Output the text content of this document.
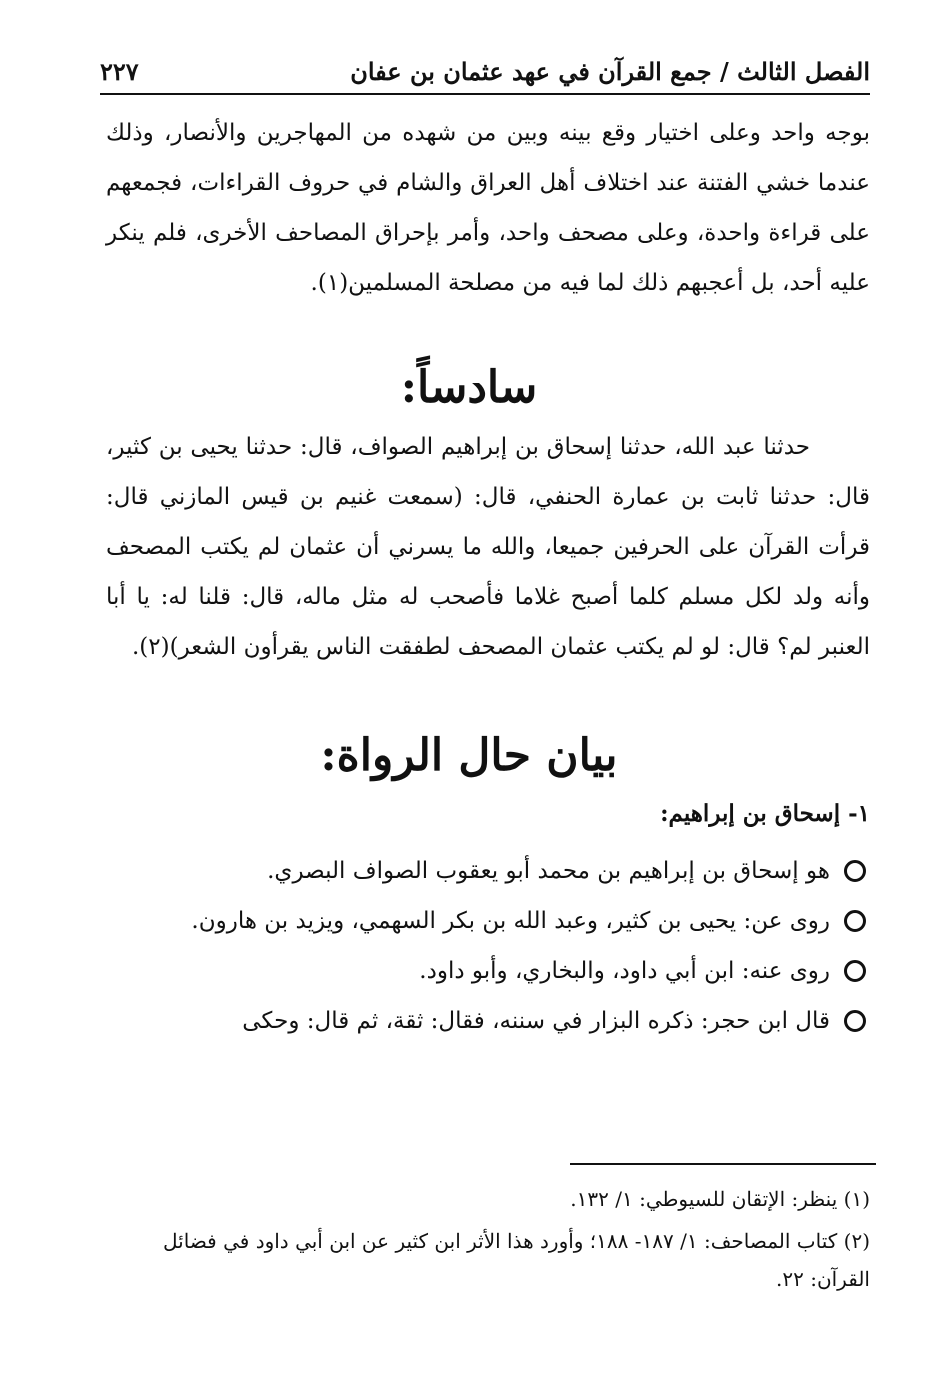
الفصل الثالث / جمع القرآن في عهد عثمان بن عفان
٢٢٧

بوجه واحد وعلى اختيار وقع بينه وبين من شهده من المهاجرين والأنصار، وذلك عندما خشي الفتنة عند اختلاف أهل العراق والشام في حروف القراءات، فجمعهم على قراءة واحدة، وعلى مصحف واحد، وأمر بإحراق المصاحف الأخرى، فلم ينكر عليه أحد، بل أعجبهم ذلك لما فيه من مصلحة المسلمين(١).

سادساً:

حدثنا عبد الله، حدثنا إسحاق بن إبراهيم الصواف، قال: حدثنا يحيى بن كثير، قال: حدثنا ثابت بن عمارة الحنفي، قال: (سمعت غنيم بن قيس المازني قال: قرأت القرآن على الحرفين جميعا، والله ما يسرني أن عثمان لم يكتب المصحف وأنه ولد لكل مسلم كلما أصبح غلاما فأصحب له مثل ماله، قال: قلنا له: يا أبا العنبر لم؟ قال: لو لم يكتب عثمان المصحف لطفقت الناس يقرأون الشعر)(٢).

بيان حال الرواة:
١- إسحاق بن إبراهيم:
هو إسحاق بن إبراهيم بن محمد أبو يعقوب الصواف البصري.
روى عن: يحيى بن كثير، وعبد الله بن بكر السهمي، ويزيد بن هارون.
روى عنه: ابن أبي داود، والبخاري، وأبو داود.
قال ابن حجر: ذكره البزار في سننه، فقال: ثقة، ثم قال: وحكى
(١) ينظر: الإتقان للسيوطي: ١/ ١٣٢.
(٢) كتاب المصاحف: ١/ ١٨٧- ١٨٨؛ وأورد هذا الأثر ابن كثير عن ابن أبي داود في فضائل القرآن: ٢٢.
